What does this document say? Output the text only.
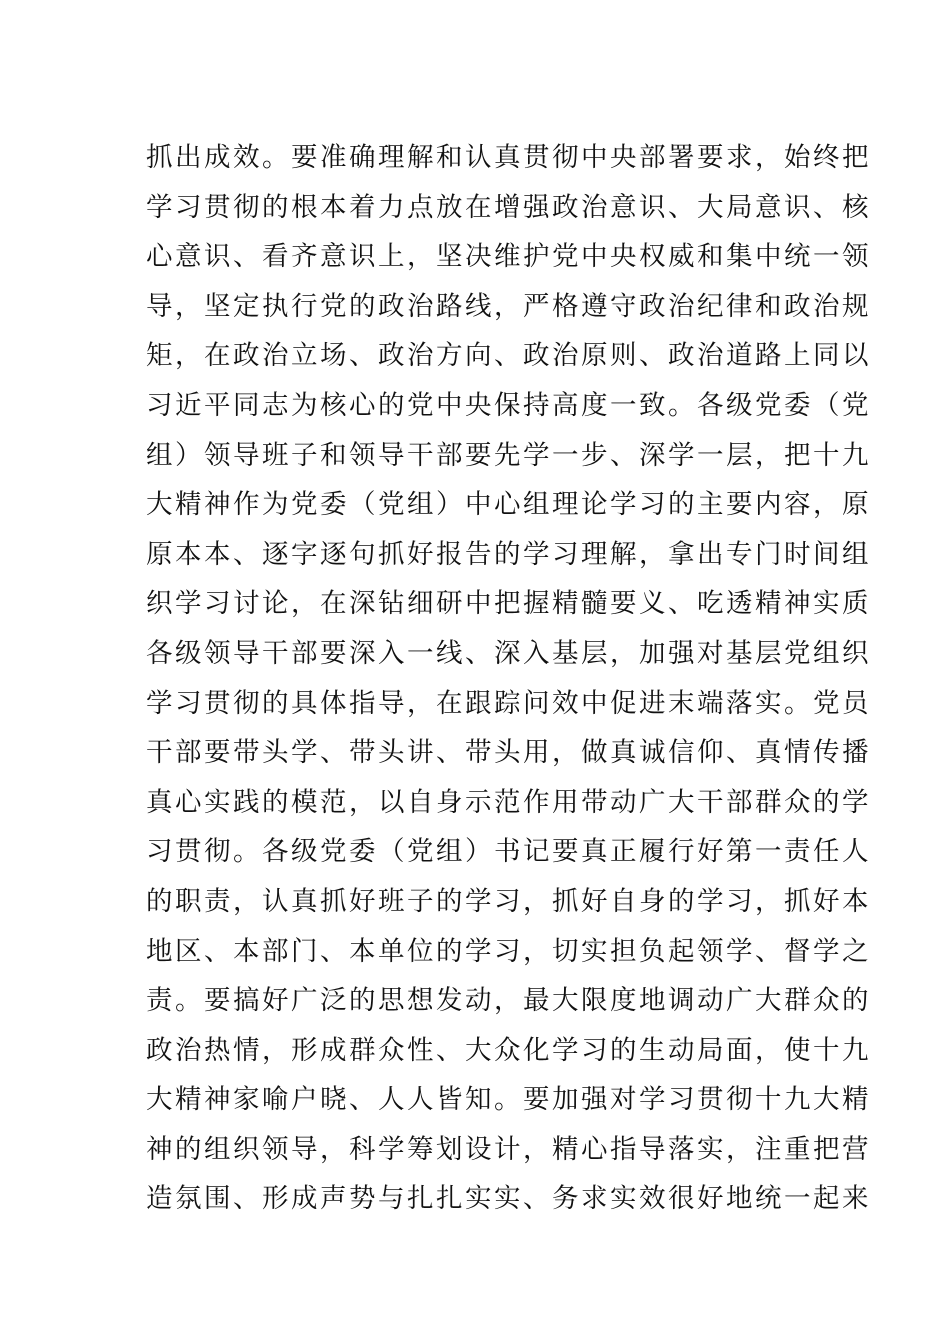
抓出成效。要准确理解和认真贯彻中央部署要求，始终把
学习贯彻的根本着力点放在增强政治意识、大局意识、核
心意识、看齐意识上，坚决维护党中央权威和集中统一领
导，坚定执行党的政治路线，严格遵守政治纪律和政治规
矩，在政治立场、政治方向、政治原则、政治道路上同以
习近平同志为核心的党中央保持高度一致。各级党委（党
组）领导班子和领导干部要先学一步、深学一层，把十九
大精神作为党委（党组）中心组理论学习的主要内容，原
原本本、逐字逐句抓好报告的学习理解，拿出专门时间组
织学习讨论，在深钻细研中把握精髓要义、吃透精神实质
各级领导干部要深入一线、深入基层，加强对基层党组织
学习贯彻的具体指导，在跟踪问效中促进末端落实。党员
干部要带头学、带头讲、带头用，做真诚信仰、真情传播
真心实践的模范，以自身示范作用带动广大干部群众的学
习贯彻。各级党委（党组）书记要真正履行好第一责任人
的职责，认真抓好班子的学习，抓好自身的学习，抓好本
地区、本部门、本单位的学习，切实担负起领学、督学之
责。要搞好广泛的思想发动，最大限度地调动广大群众的
政治热情，形成群众性、大众化学习的生动局面，使十九
大精神家喻户晓、人人皆知。要加强对学习贯彻十九大精
神的组织领导，科学筹划设计，精心指导落实，注重把营
造氛围、形成声势与扎扎实实、务求实效很好地统一起来
